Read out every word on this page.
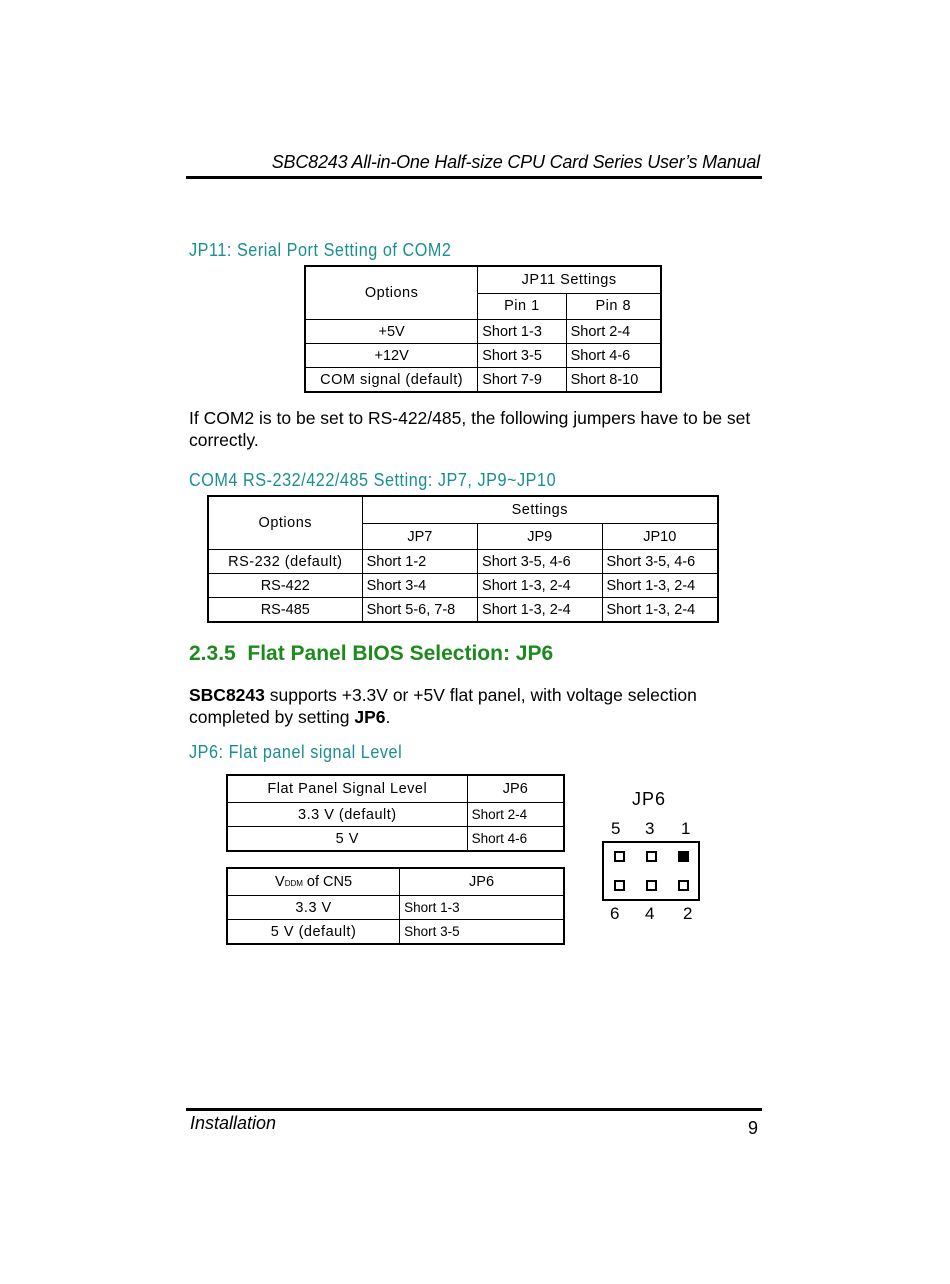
SBC8243 All-in-One Half-size CPU Card Series User’s Manual
JP11: Serial Port Setting of COM2
Options	JP11 Settings	
	Pin 1	Pin 8
+5V	Short 1-3	Short 2-4
+12V	Short 3-5	Short 4-6
COM signal (default)	Short 7-9	Short 8-10
If COM2 is to be set to RS-422/485, the following jumpers have to be set correctly.
COM4 RS-232/422/485 Setting: JP7, JP9~JP10
Options	Settings		
	JP7	JP9	JP10
RS-232 (default)	Short 1-2	Short 3-5, 4-6	Short 3-5, 4-6
RS-422	Short 3-4	Short 1-3, 2-4	Short 1-3, 2-4
RS-485	Short 5-6, 7-8	Short 1-3, 2-4	Short 1-3, 2-4
2.3.5  Flat Panel BIOS Selection: JP6
SBC8243 supports +3.3V or +5V flat panel, with voltage selection completed by setting JP6.
JP6: Flat panel signal Level
Flat Panel Signal Level	JP6
3.3 V (default)	Short 2-4
5 V	Short 4-6
VDDM of CN5	JP6
3.3 V	Short 1-3
5 V (default)	Short 3-5
JP6
5 3 1
6 4 2
Installation	9
